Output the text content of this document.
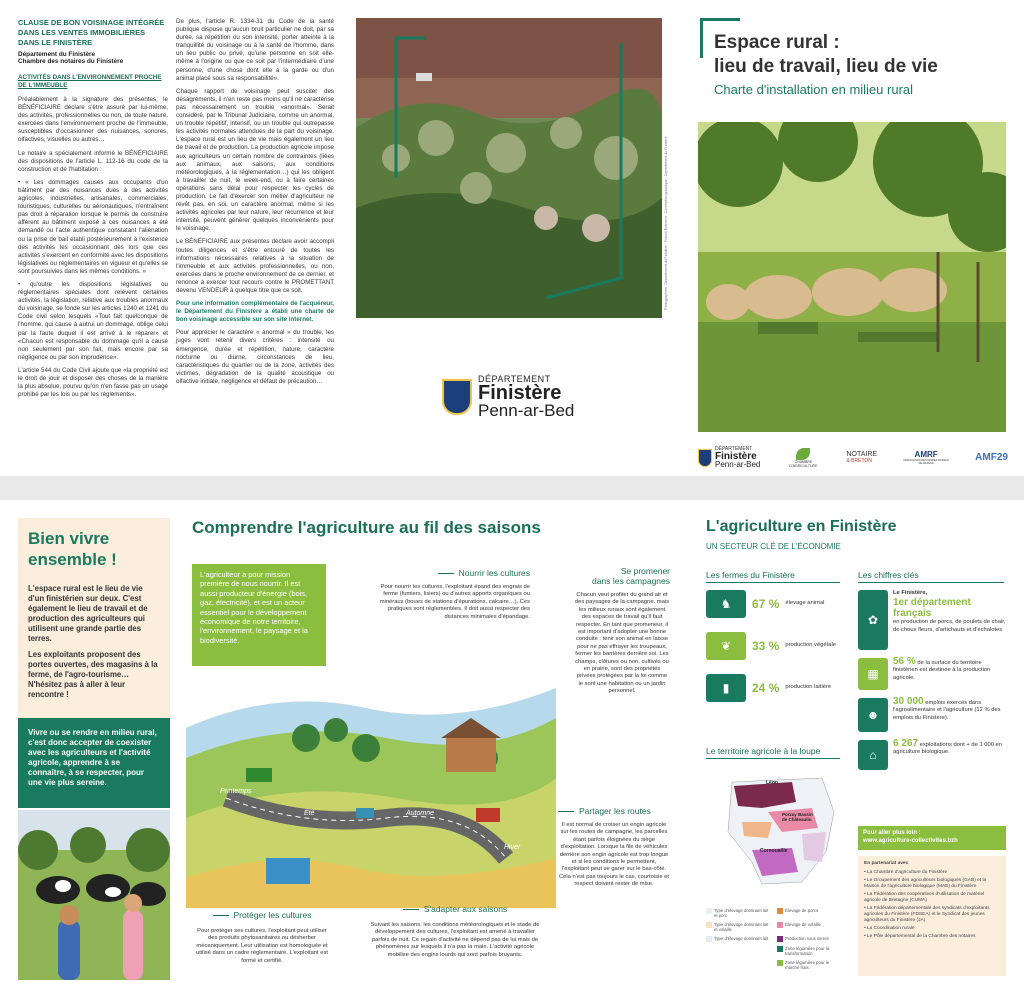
CLAUSE DE BON VOISINAGE INTÉGRÉE DANS LES VENTES IMMOBILIÈRES DANS LE FINISTÈRE
Département du Finistère
Chambre des notaires du Finistère
ACTIVITÉS DANS L'ENVIRONNEMENT PROCHE DE L'IMMEUBLE

Préalablement à la signature des présentes, le BÉNÉFICIAIRE déclare s'être assuré par lui-même, des activités, professionnelles ou non, de toute nature, exercées dans l'environnement proche de l'immeuble, susceptibles d'occasionner des nuisances, sonores, olfactives, visuelles ou autres…

Le notaire a spécialement informé le BÉNÉFICIAIRE des dispositions de l'article L. 112-16 du code de la construction et de l'habitation :

• « Les dommages causés aux occupants d'un bâtiment par des nuisances dues à des activités agricoles, industrielles, artisanales, commerciales, touristiques, culturelles ou aéronautiques, n'entraînent pas droit à réparation lorsque le permis de construire afférent au bâtiment exposé à ces nuisances a été demandé ou l'acte authentique constatant l'aliénation ou la prise de bail établi postérieurement à l'existence des activités les occasionnant dès lors que ces activités s'exercent en conformité avec les dispositions législatives ou réglementaires en vigueur et qu'elles se sont poursuivies dans les mêmes conditions. »

• qu'outre les dispositions législatives ou réglementaires spéciales dont relèvent certaines activités, la législation, relative aux troubles anormaux du voisinage, se fonde sur les articles 1240 et 1241 du Code civil selon lesquels «Tout fait quelconque de l'homme, qui cause à autrui un dommage, oblige celui par la faute duquel il est arrivé à le réparer» et «Chacun est responsable du dommage qu'il a causé non seulement par son fait, mais encore par sa négligence ou par son imprudence».

L'article 544 du Code Civil ajoute que «la propriété est le droit de jouir et disposer des choses de la manière la plus absolue, pourvu qu'on n'en fasse pas un usage prohibé par les lois ou par les règlements».

De plus, l'article R. 1334-31 du Code de la santé publique dispose qu'aucun bruit particulier ne doit, par sa durée, sa répétition ou son intensité, porter atteinte à la tranquillité du voisinage ou à la santé de l'homme, dans un lieu public ou privé, qu'une personne en soit elle-même à l'origine ou que ce soit par l'intermédiaire d'une personne, d'une chose dont elle a la garde ou d'un animal placé sous sa responsabilité».

Chaque rapport de voisinage peut susciter des désagréments, il n'en reste pas moins qu'il ne caractérise pas nécessairement un trouble «anormal». Serait considéré, par le Tribunal Judiciaire, comme un anormal, un trouble répétitif, intensif, ou un trouble qui outrepasse les activités normales attendues de la part du voisinage. L'espace rural est un lieu de vie mais également un lieu de travail et de production. La production agricole impose aux agriculteurs un certain nombre de contraintes (liées aux animaux, aux saisons, aux conditions météorologiques, à la réglementation…) qui les obligent à travailler de nuit, le week-end, ou à faire certaines opérations sans délai pour respecter les cycles de production. Le fait d'exercer son métier d'agriculteur ne revêt pas, en soi, un caractère anormal, même si les activités agricoles par leur nature, leur récurrence et leur intensité, peuvent générer quelques inconvénients pour le voisinage.

Le BÉNÉFICIAIRE aux présentes déclare avoir accompli toutes diligences et s'être entouré de toutes les informations nécessaires relatives à la situation de l'immeuble et aux activités professionnelles, ou non, exercées dans le proche environnement de ce dernier, et renonce à exercer tout recours contre le PROMETTANT devenu VENDEUR à quelque titre que ce soit.

Pour une information complémentaire de l'acquéreur, le Département du Finistère a établi une charte de bon voisinage accessible sur son site internet.

Pour apprécier le caractère « anormal » du trouble, les juges vont retenir divers critères : intensité ou émergence, durée et répétition, nature, caractère nocturne ou diurne, circonstances de lieu, caractéristiques du quartier ou de la zone, activités des victimes, dégradation de la qualité acoustique ou olfactive initiale, négligence et défaut de précaution…

Photographies : Département du Finistère · Franck Betermin · Conception graphique : Département du Finistère
DÉPARTEMENT
Finistère
Penn-ar-Bed
Espace rural :
lieu de travail, lieu de vie
Charte d'installation en milieu rural
DÉPARTEMENT
Finistère
Penn-ar-Bed	CHAMBRE D'AGRICULTURE
NOTAIRE
& BRETON
AMRF
ASSOCIATION DES MAIRES RURAUX DE FRANCE
AMF29
Bien vivre ensemble !
L'espace rural est le lieu de vie d'un finistérien sur deux. C'est également le lieu de travail et de production des agriculteurs qui utilisent une grande partie des terres.
Les exploitants proposent des portes ouvertes, des magasins à la ferme, de l'agro-tourisme… N'hésitez pas à aller à leur rencontre !
Vivre ou se rendre en milieu rural, c'est donc accepter de coexister avec les agriculteurs et l'activité agricole, apprendre à se connaître, à se respecter, pour une vie plus sereine.
Comprendre l'agriculture au fil des saisons
L'agriculteur a pour mission première de nous nourrir. Il est aussi producteur d'énergie (bois, gaz, électricité), et est un acteur essentiel pour le développement économique de notre territoire, l'environnement, le paysage et la biodiversité.
Nourrir les cultures
Pour nourrir les cultures, l'exploitant épand des engrais de ferme (fumiers, lisiers) ou d'autres apports organiques ou minéraux (boues de stations d'épurations, calcaire…). Ces pratiques sont réglementées. Il doit aussi respecter des distances minimales d'épandage.
Se promener
dans les campagnes
Chacun veut profiter du grand air et des paysages de la campagne, mais les milieux ruraux sont également des espaces de travail qu'il faut respecter. En tant que promeneur, il est important d'adopter une bonne conduite : tenir son animal en laisse pour ne pas effrayer les troupeaux, fermer les barrières derrière soi. Les champs, clôtures ou non, cultivés ou en prairie, sont des propriétés privées protégées par la loi comme le sont une habitation ou un jardin personnel.
Printemps
Été	Automne
Hiver
Partager les routes
Il est normal de croiser un engin agricole sur les routes de campagne, les parcelles étant parfois éloignées du siège d'exploitation. Lorsque la file de véhicules derrière son engin agricole est trop longue et si les conditions le permettent, l'exploitant peut se garer sur le bas-côté. Cela n'est pas toujours le cas, courtoisie et respect doivent rester de mise.
Protéger les cultures
Pour protéger ses cultures, l'exploitant peut utiliser des produits phytosanitaires ou désherber mécaniquement. Leur utilisation est homologuée et utilisé dans un cadre réglementaire. L'exploitant est formé et certifié.
S'adapter aux saisons
Suivant les saisons, les conditions météorologiques et le stade de développement des cultures, l'exploitant est amené à travailler parfois de nuit. Ce regain d'activité ne dépend pas de lui mais de phénomènes sur lesquels il n'a pas la main. L'activité agricole mobilise des engins lourds qui sont parfois bruyants.
L'agriculture en Finistère
UN SECTEUR CLÉ DE L'ÉCONOMIE
Les fermes du Finistère
♞	67 % élevage animal
❦	33 % production végétale
▮	24 % production laitière
Le territoire agricole à la loupe
Léon
Porzay Bassin de Châteaulin
Cornouaille
Type d'élevage dominant lait et porc
Élevage de porcs
Type d'élevage dominant lait et volaille
Élevage de volaille
Type d'élevage dominant lait	Production sous serres
Zone légumière pour la transformation
Zone légumière pour le marché frais
Les chiffres clés
✿
Le Finistère,
1er département français
en production de porcs, de poulets de chair, de choux fleurs, d'artichauts et d'échalotes
▦
56 % de la surface du territoire finistérien est destinée à la production agricole.
☻
30 000 emplois exercés dans l'agroalimentaire et l'agriculture (12 % des emplois du Finistère).
⌂
6 267 exploitations dont + de 1 000 en agriculture biologique.
Pour aller plus loin :
www.agriculture-collectivites.bzh
En partenariat avec
• La Chambre d'agriculture du Finistère
• Le Groupement des agriculteurs biologiques (GAB) et la Maison de l'agriculture biologique (MAB) du Finistère
• La Fédération des coopératives d'utilisation de matériel agricole de Bretagne (CUMA)
• La Fédération départementale des syndicats d'exploitants agricoles du Finistère (FDSEA) et le Syndicat des jeunes agriculteurs du Finistère (JA)
• La Coordination rurale
• Le Pôle départemental de la Chambre des notaires
